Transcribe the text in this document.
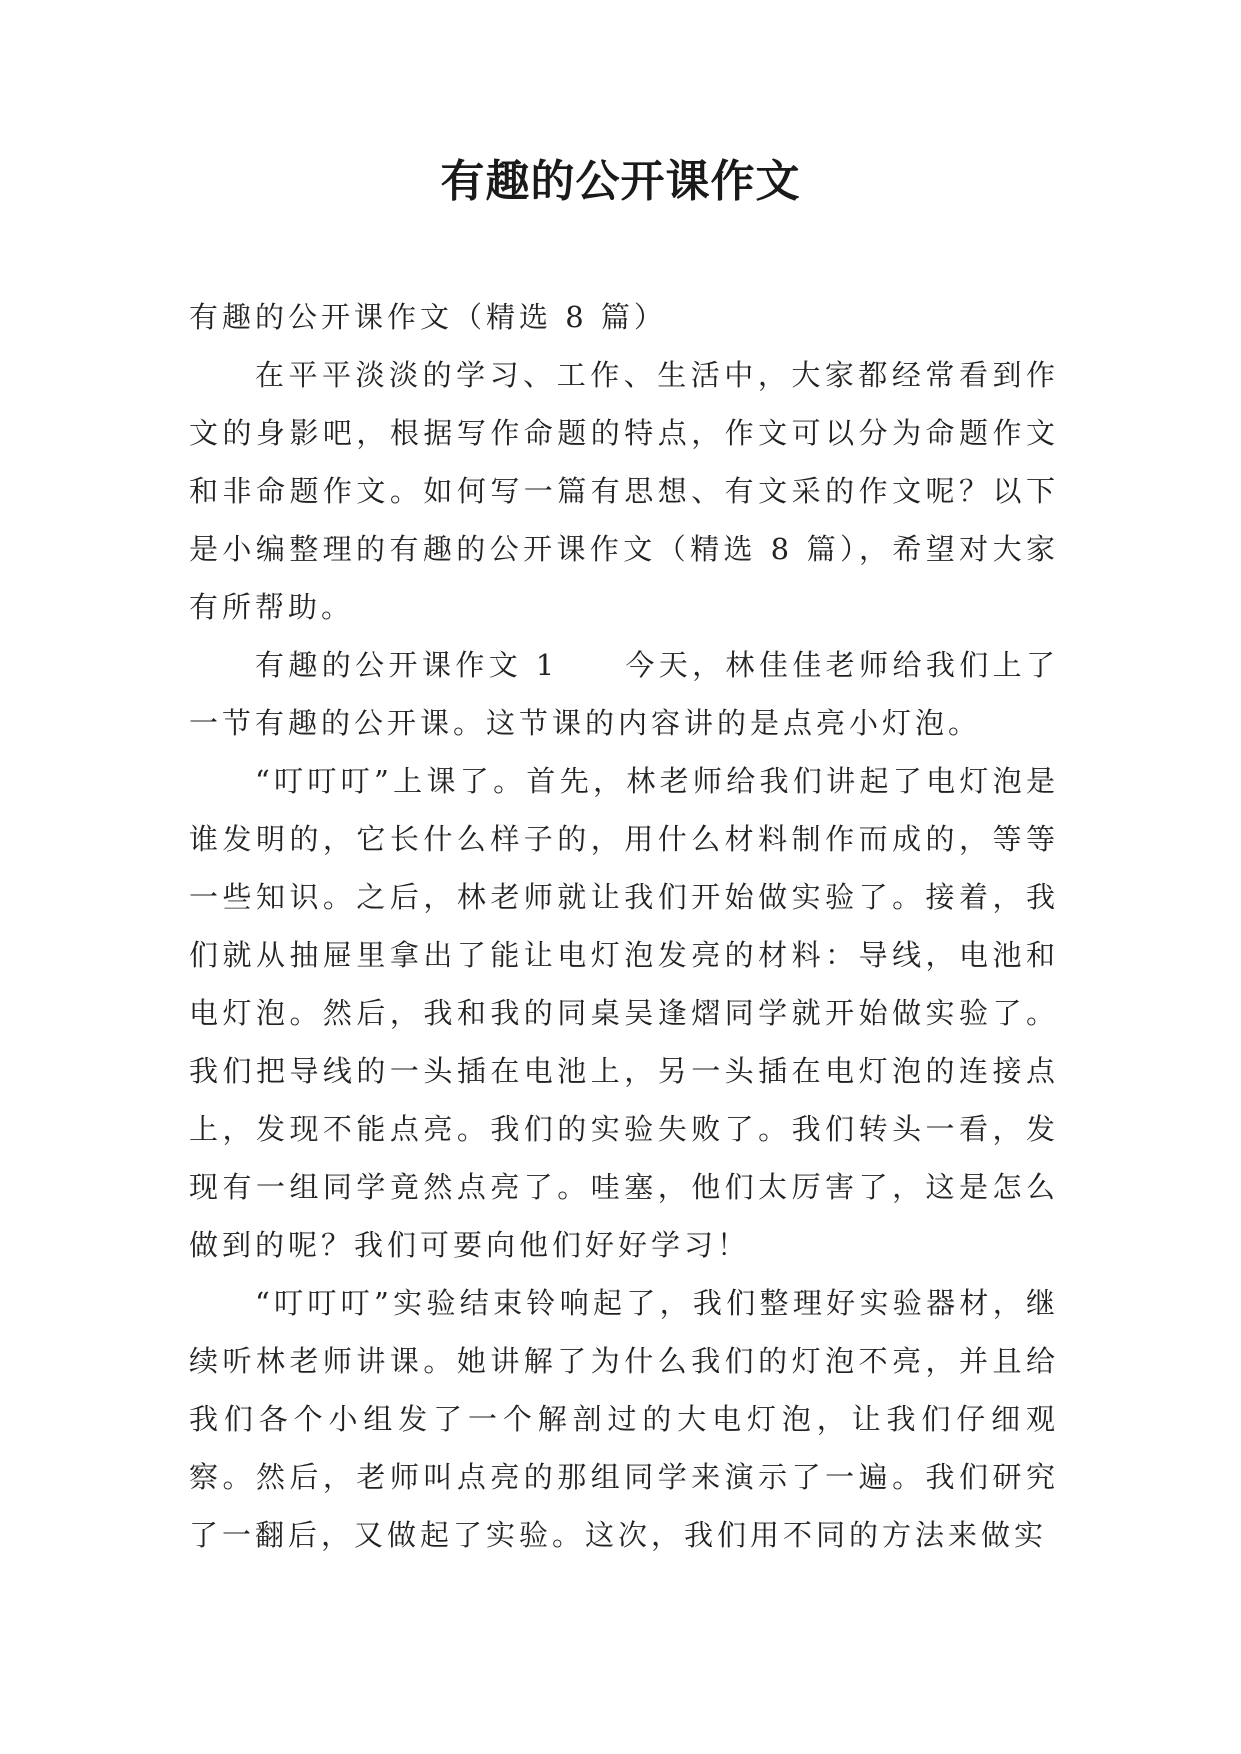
有趣的公开课作文

有趣的公开课作文（精选 8 篇）

在平平淡淡的学习、工作、生活中，大家都经常看到作文的身影吧，根据写作命题的特点，作文可以分为命题作文和非命题作文。如何写一篇有思想、有文采的作文呢？以下是小编整理的有趣的公开课作文（精选 8 篇），希望对大家有所帮助。

有趣的公开课作文 1　　今天，林佳佳老师给我们上了一节有趣的公开课。这节课的内容讲的是点亮小灯泡。

“叮叮叮”上课了。首先，林老师给我们讲起了电灯泡是谁发明的，它长什么样子的，用什么材料制作而成的，等等一些知识。之后，林老师就让我们开始做实验了。接着，我们就从抽屉里拿出了能让电灯泡发亮的材料：导线，电池和电灯泡。然后，我和我的同桌吴逢熠同学就开始做实验了。我们把导线的一头插在电池上，另一头插在电灯泡的连接点上，发现不能点亮。我们的实验失败了。我们转头一看，发现有一组同学竟然点亮了。哇塞，他们太厉害了，这是怎么做到的呢？我们可要向他们好好学习！

“叮叮叮”实验结束铃响起了，我们整理好实验器材，继续听林老师讲课。她讲解了为什么我们的灯泡不亮，并且给我们各个小组发了一个解剖过的大电灯泡，让我们仔细观察。然后，老师叫点亮的那组同学来演示了一遍。我们研究了一翻后，又做起了实验。这次，我们用不同的方法来做实
